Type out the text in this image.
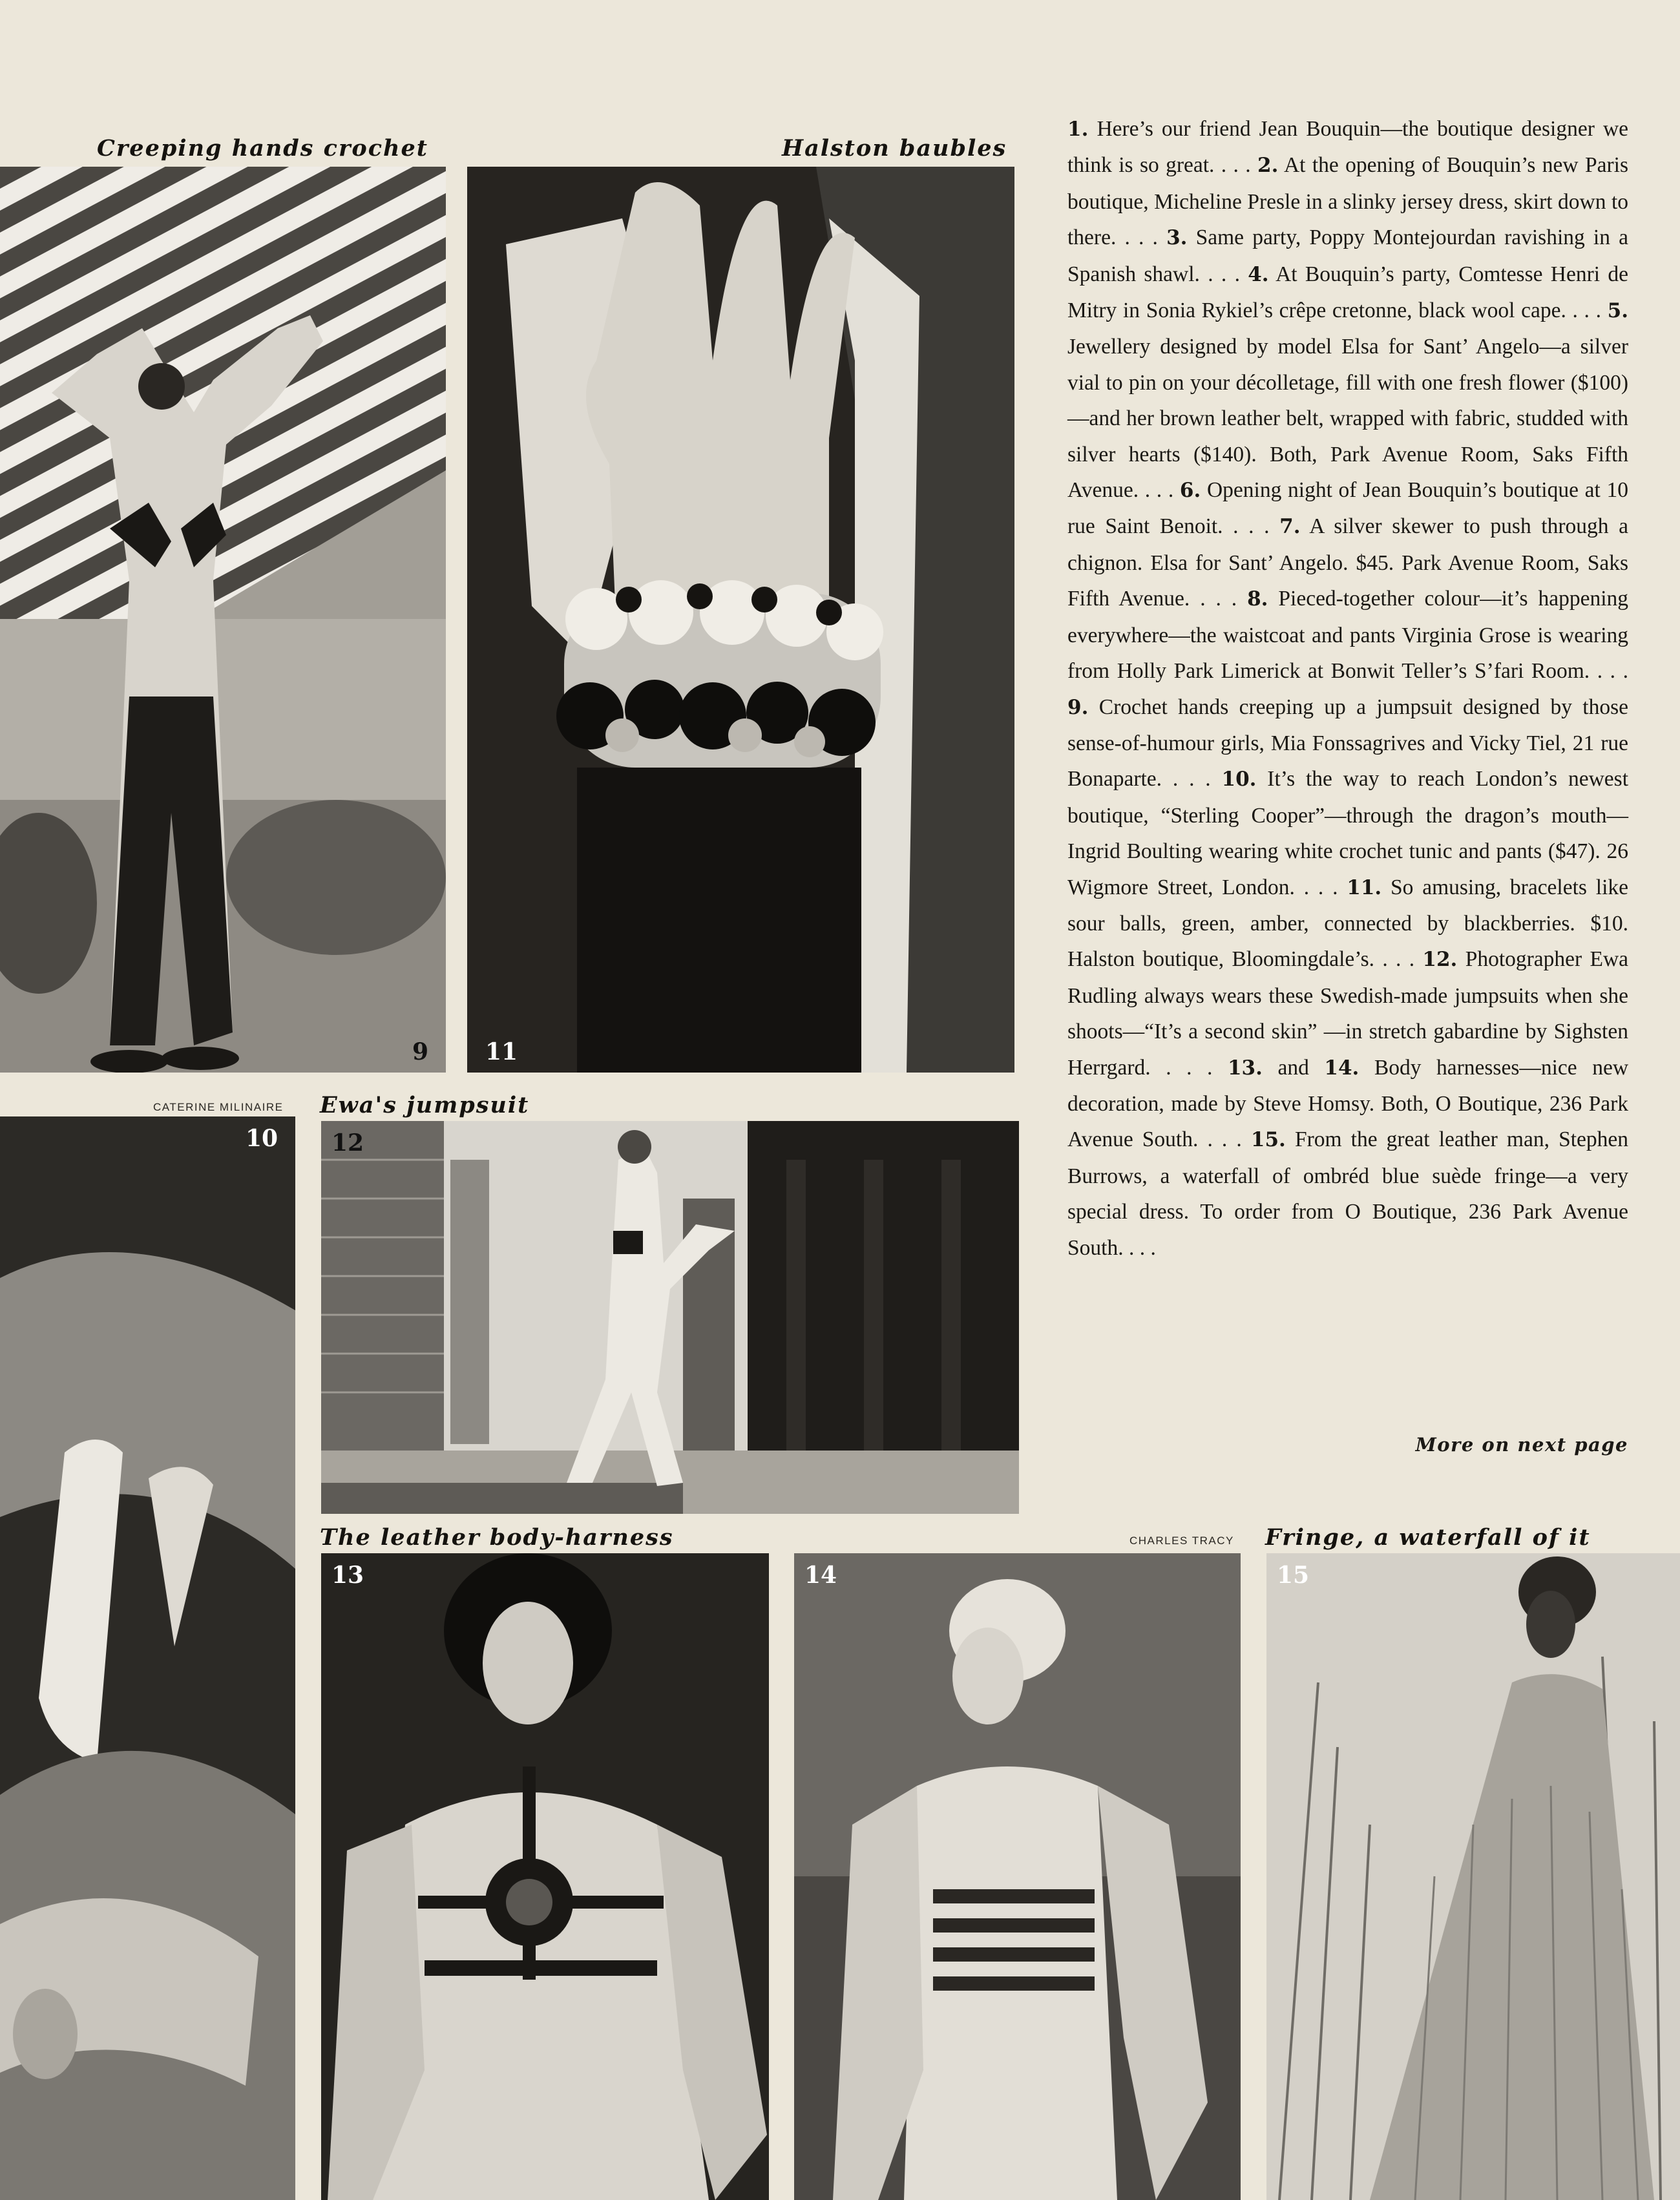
Creeping hands crochet	Halston baubles
Ewa's jumpsuit
The leather body-harness	Fringe, a waterfall of it

CATERINE MILINAIRE

CHARLES TRACY

9 11
10 12
13	14	15

1. Here’s our friend Jean Bouquin—the boutique designer we think is so great. . . . 2. At the opening of Bouquin’s new Paris boutique, Micheline Presle in a slinky jersey dress, skirt down to there. . . . 3. Same party, Poppy Montejourdan ravishing in a Spanish shawl. . . . 4. At Bouquin’s party, Comtesse Henri de Mitry in Sonia Rykiel’s crêpe cretonne, black wool cape. . . . 5. Jewellery designed by model Elsa for Sant’ Angelo—a silver vial to pin on your décolletage, fill with one fresh flower ($100)—and her brown leather belt, wrapped with fabric, studded with silver hearts ($140). Both, Park Avenue Room, Saks Fifth Avenue. . . . 6. Opening night of Jean Bouquin’s boutique at 10 rue Saint Benoit. . . . 7. A silver skewer to push through a chignon. Elsa for Sant’ Angelo. $45. Park Avenue Room, Saks Fifth Avenue. . . . 8. Pieced-together colour—it’s happening everywhere—the waistcoat and pants Virginia Grose is wearing from Holly Park Limerick at Bonwit Teller’s S’fari Room. . . . 9. Crochet hands creeping up a jumpsuit designed by those sense-of-humour girls, Mia Fonssagrives and Vicky Tiel, 21 rue Bonaparte. . . . 10. It’s the way to reach London’s newest boutique, “Sterling Cooper”—through the dragon’s mouth—Ingrid Boulting wearing white crochet tunic and pants ($47). 26 Wigmore Street, London. . . . 11. So amusing, bracelets like sour balls, green, amber, connected by blackberries. $10. Halston boutique, Bloomingdale’s. . . . 12. Photographer Ewa Rudling always wears these Swedish-made jumpsuits when she shoots—“It’s a second skin” —in stretch gabardine by Sighsten Herrgard. . . . 13. and 14. Body harnesses—nice new decoration, made by Steve Homsy. Both, O Boutique, 236 Park Avenue South. . . . 15. From the great leather man, Stephen Burrows, a waterfall of ombréd blue suède fringe—a very special dress. To order from O Boutique, 236 Park Avenue South. . . .

More on next page
